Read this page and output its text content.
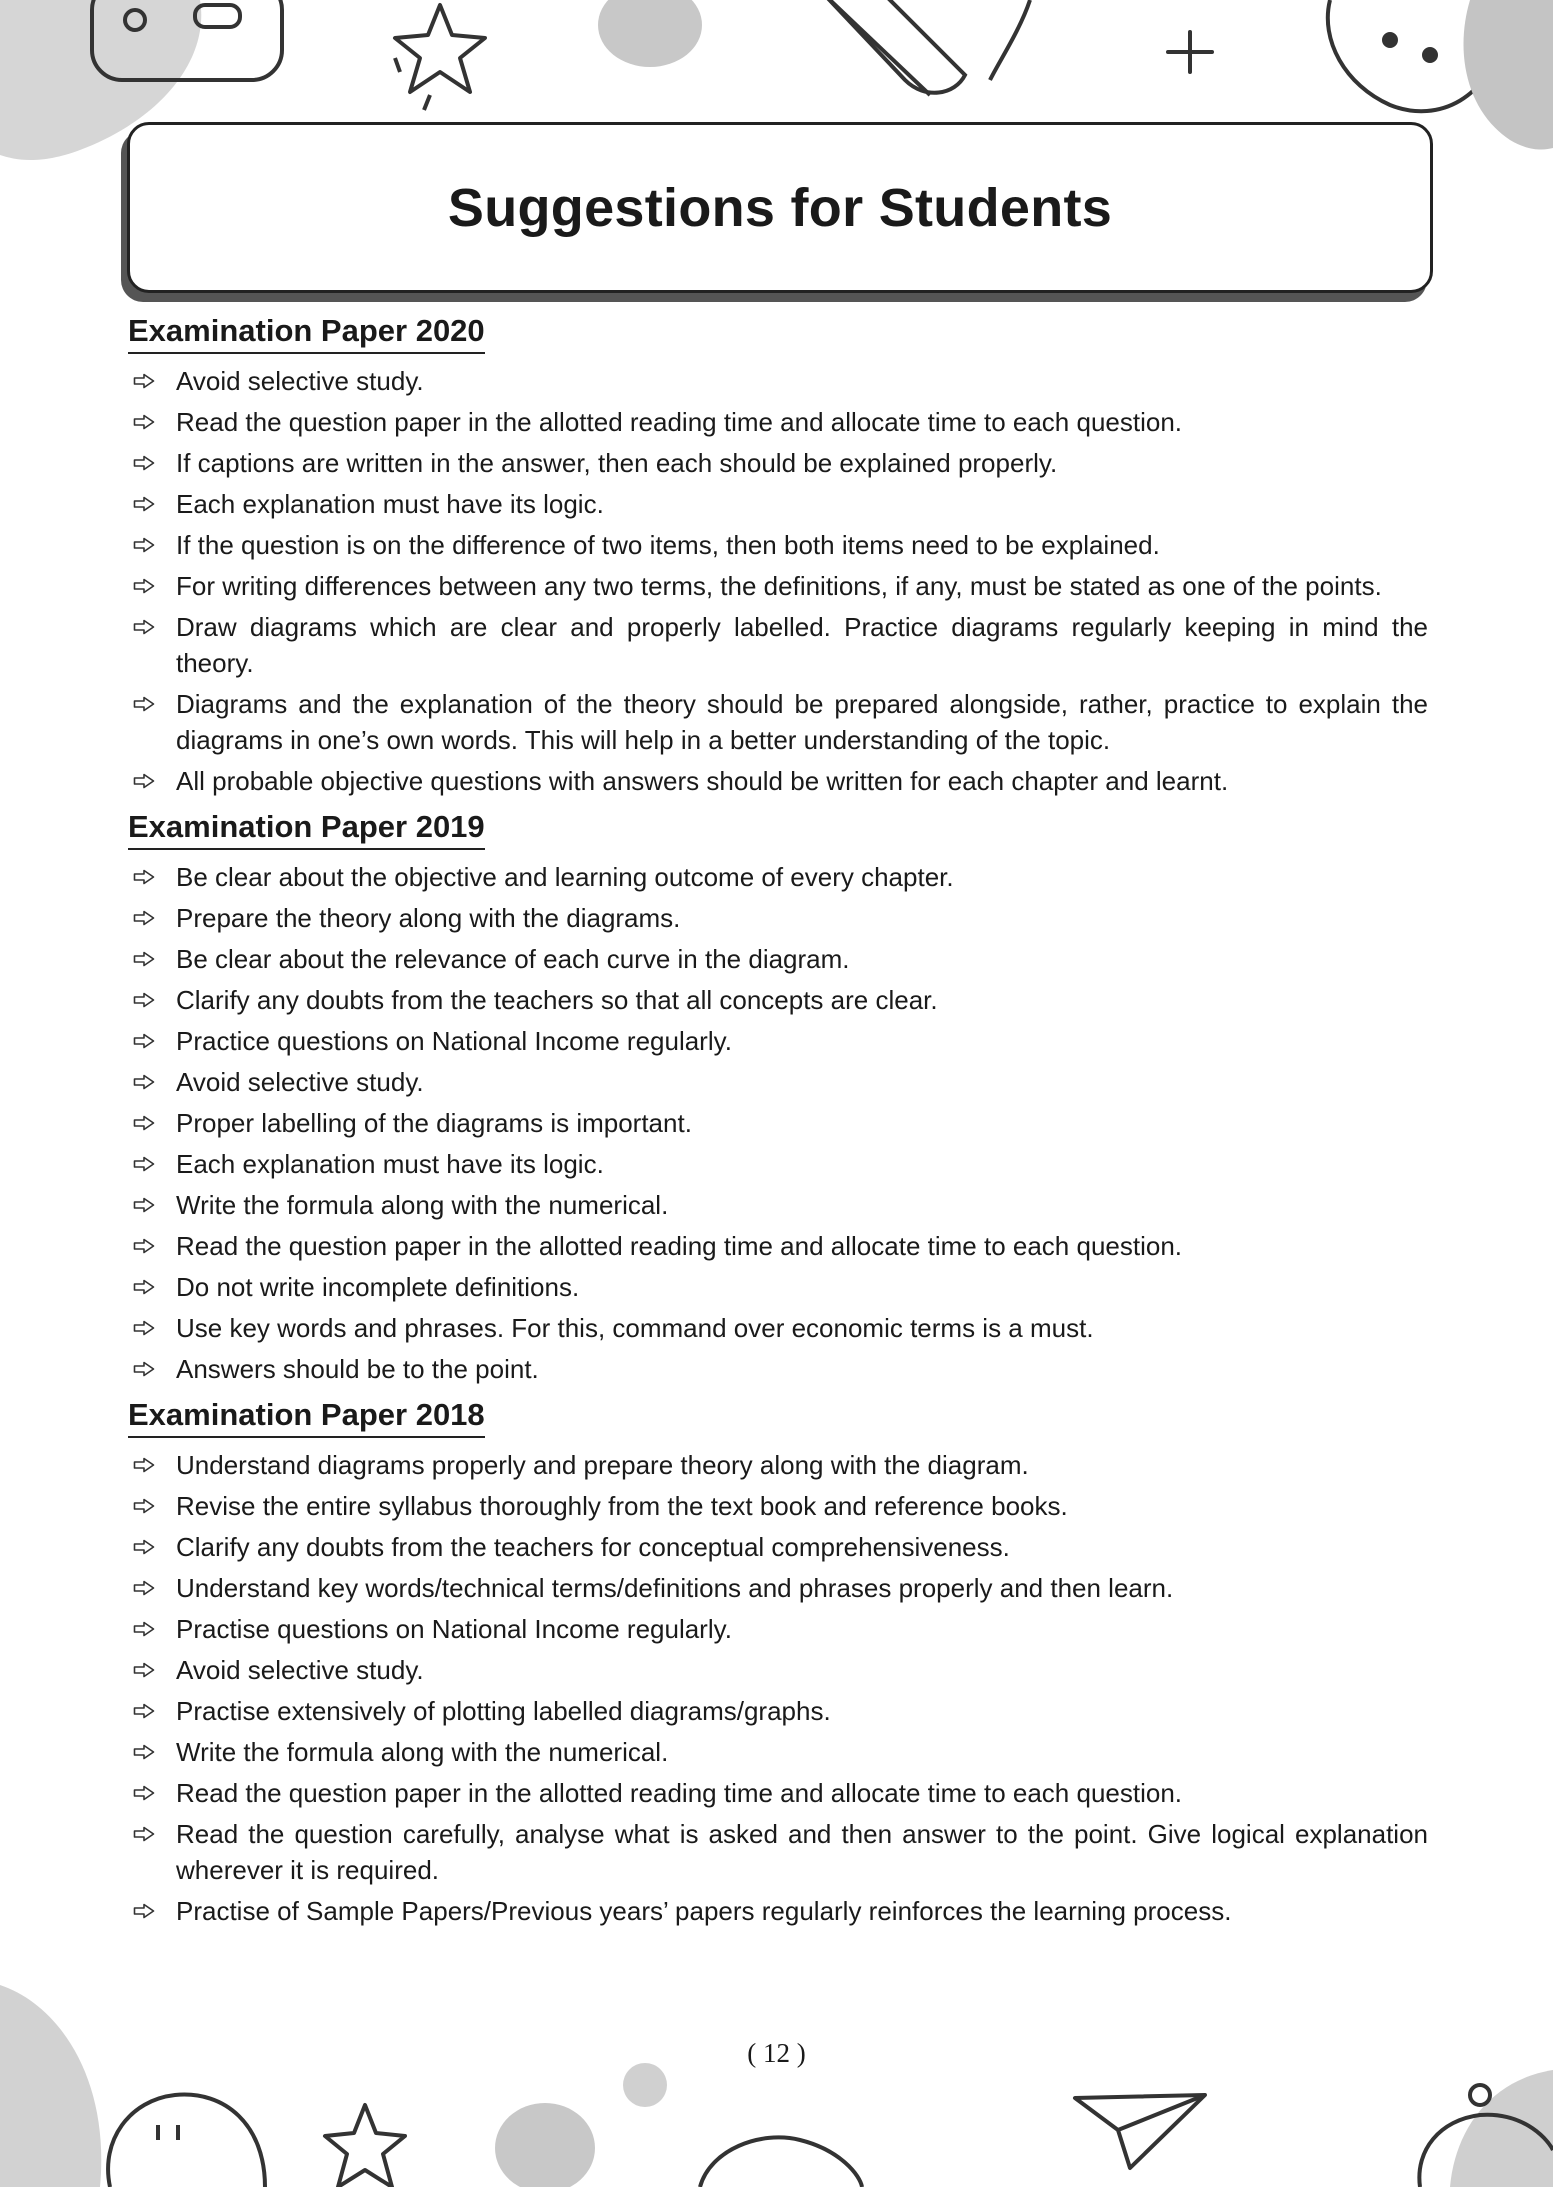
Suggestions for Students
Examination Paper 2020
Avoid selective study.
Read the question paper in the allotted reading time and allocate time to each question.
If captions are written in the answer, then each should be explained properly.
Each explanation must have its logic.
If the question is on the difference of two items, then both items need to be explained.
For writing differences between any two terms, the definitions, if any, must be stated as one of the points.
Draw diagrams which are clear and properly labelled. Practice diagrams regularly keeping in mind the theory.
Diagrams and the explanation of the theory should be prepared alongside, rather, practice to explain the diagrams in one’s own words. This will help in a better understanding of the topic.
All probable objective questions with answers should be written for each chapter and learnt.
Examination Paper 2019
Be clear about the objective and learning outcome of every chapter.
Prepare the theory along with the diagrams.
Be clear about the relevance of each curve in the diagram.
Clarify any doubts from the teachers so that all concepts are clear.
Practice questions on National Income regularly.
Avoid selective study.
Proper labelling of the diagrams is important.
Each explanation must have its logic.
Write the formula along with the numerical.
Read the question paper in the allotted reading time and allocate time to each question.
Do not write incomplete definitions.
Use key words and phrases. For this, command over economic terms is a must.
Answers should be to the point.
Examination Paper 2018
Understand diagrams properly and prepare theory along with the diagram.
Revise the entire syllabus thoroughly from the text book and reference books.
Clarify any doubts from the teachers for conceptual comprehensiveness.
Understand key words/technical terms/definitions and phrases properly and then learn.
Practise questions on National Income regularly.
Avoid selective study.
Practise extensively of plotting labelled diagrams/graphs.
Write the formula along with the numerical.
Read the question paper in the allotted reading time and allocate time to each question.
Read the question carefully, analyse what is asked and then answer to the point. Give logical explanation wherever it is required.
Practise of Sample Papers/Previous years’ papers regularly reinforces the learning process.
( 12 )
